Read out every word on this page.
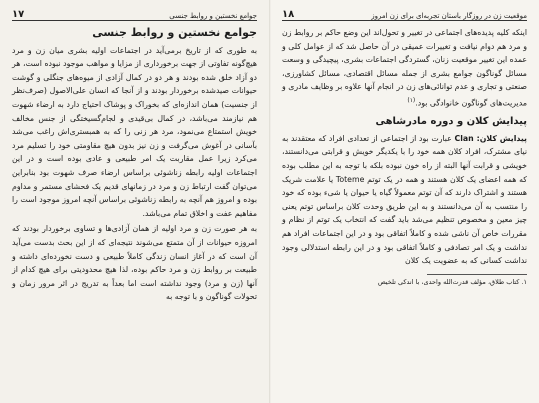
موقعیت زن در روزگار باستان تجربه‌ای برای زن امروز
۱۸

اینکه کلیه پدیده‌های اجتماعی در تغییر و تحول‌اند این وضع حاکم بر روابط زن و مرد هم دوام نیافت و تغییرات عمیقی در آن حاصل شد که از عوامل کلی و عمده این تغییر موقعیت زنان، گستردگی اجتماعات بشری، پیچیدگی و وسعت مسائل گوناگون جوامع بشری از جمله مسائل اقتصادی، مسائل کشاورزی، صنعتی و تجاری و عدم توانائی‌های زن در انجام آنها علاوه بر وظایف مادری و مدیریت‌های گوناگون خانوادگی بود.$^{(۱)}$

پیدایش کلان و دوره مادرشاهی

پیدایش کلان: Clan عبارت بود از اجتماعی از تعدادی افراد که معتقدند به نیای مشترک، افراد کلان همه خود را با یکدیگر خویش و قرابتی می‌دانستند، خویشی و قرابت آنها البته از راه خون نبوده بلکه با توجه به این مطلب بوده که همه اعضای یک کلان هستند و همه در یک توتم Toteme یا علامت شریک هستند و اشتراک دارند که آن توتم معمولاً گیاه یا حیوان یا شیء بوده که خود را منتسب به آن می‌دانستند و به این طریق وحدت کلان براساس توتم یعنی چیز معین و مخصوص تنظیم می‌شد باید گفت که انتخاب یک توتم از نظام و مقررات خاص آن ناشی شده و کاملاً اتفاقی بود و در این اجتماعات افراد هم نداشت و یک امر تصادفی و کاملاً اتفاقی بود و در این رابطه استدلالی وجود نداشت کسانی که به عضویت یک کلان

۱. کتاب طلاق، مؤلف قدرت‌الله واحدی، با اندکی تلخیص
جوامع نخستین و روابط جنسی
۱۷
جوامع نخستین و روابط جنسی

به طوری که از تاریخ برمی‌آید در اجتماعات اولیه بشری میان زن و مرد هیچ‌گونه تفاوتی از جهت برخورداری از مزایا و مواهب موجود نبوده است، هر دو آزاد خلق شده بودند و هر دو در کمال آزادی از میوه‌های جنگلی و گوشت حیوانات صیدشده برخوردار بودند و از آنجا که انسان علی‌الاصول (صرف‌نظر از جنسیت) همان اندازه‌ای که بخوراک و پوشاک احتیاج دارد به ارضاء شهوت هم نیازمند می‌باشد، در کمال بی‌قیدی و لجام‌گسیختگی از جنس مخالف خویش استمتاع می‌نمود، مرد هر زنی را که به همبستری‌اش راغب می‌شد بآسانی در آغوش می‌گرفت و زن نیز بدون هیچ مقاومتی خود را تسلیم مرد می‌کرد زیرا عمل مقاربت یک امر طبیعی و عادی بوده است و در این اجتماعات اولیه رابطه زناشوئی براساس ارضاء صرف شهوت بود بنابراین می‌توان گفت ارتباط زن و مرد در زمانهای قدیم یک فحشای مستمر و مداوم بوده و امروز هم آنچه به رابطه زناشوئی براساس آنچه امروز موجود است را مفاهیم عفت و اخلاق تمام می‌باشد.

به هر صورت زن و مرد اولیه از همان آزادی‌ها و تساوی برخوردار بودند که امروزه حیوانات از آن متمتع می‌شوند نتیجه‌ای که از این بحث بدست می‌آید آن است که در آغاز انسان زندگی کاملاً طبیعی و دست نخورده‌ای داشته و طبیعت بر روابط زن و مرد حاکم بوده، لذا هیچ محدودیتی برای هیچ کدام از آنها (زن و مرد) وجود نداشته است اما بعداً به تدریج در اثر مرور زمان و تحولات گوناگون و با توجه به
